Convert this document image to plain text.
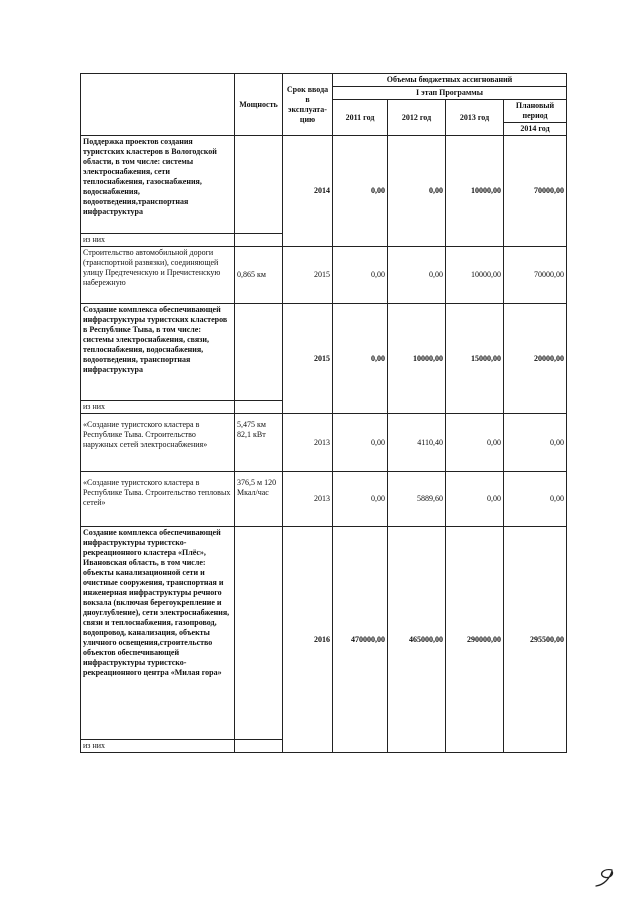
	Мощность	Срок ввода в эксплуата-цию	Объемы бюджетных ассигнований			
			I этап Программы			
			2011 год	2012 год	2013 год	Плановый период
						2014 год
Поддержка проектов создания туристских кластеров в Вологодской области, в том числе: системы электроснабжения, сети теплоснабжения, газоснабжения, водоснабжения, водоотведения,транспортная инфраструктура		2014	0,00	0,00	10000,00	70000,00
из них						
Строительство автомобильной дороги (транспортной развязки), соединяющей улицу Предтеченскую и Пречистенскую набережную	0,865 км	2015	0,00	0,00	10000,00	70000,00
Создание комплекса обеспечивающей инфраструктуры туристских кластеров в Республике Тыва, в том числе: системы электроснабжения, связи, теплоснабжения, водоснабжения, водоотведения, транспортная инфраструктура		2015	0,00	10000,00	15000,00	20000,00
из них						
«Создание туристского кластера в Республике Тыва. Строительство наружных сетей электроснабжения»	5,475 км 82,1 кВт	2013	0,00	4110,40	0,00	0,00
«Создание туристского кластера в Республике Тыва. Строительство тепловых сетей»	376,5 м 120 Мкал/час	2013	0,00	5889,60	0,00	0,00
Создание комплекса обеспечивающей инфраструктуры туристско-рекреационного кластера «Плёс», Ивановская область, в том числе: объекты канализационной сети и очистные сооружения, транспортная и инженерная инфраструктуры речного вокзала (включая берегоукрепление и дноуглубление), сети электроснабжения, связи и теплоснабжения, газопровод, водопровод, канализация, объекты уличного освещения,строительство объектов обеспечивающей инфраструктуры туристско-рекреационного центра «Милая гора»		2016	470000,00	465000,00	290000,00	295500,00
из них						
